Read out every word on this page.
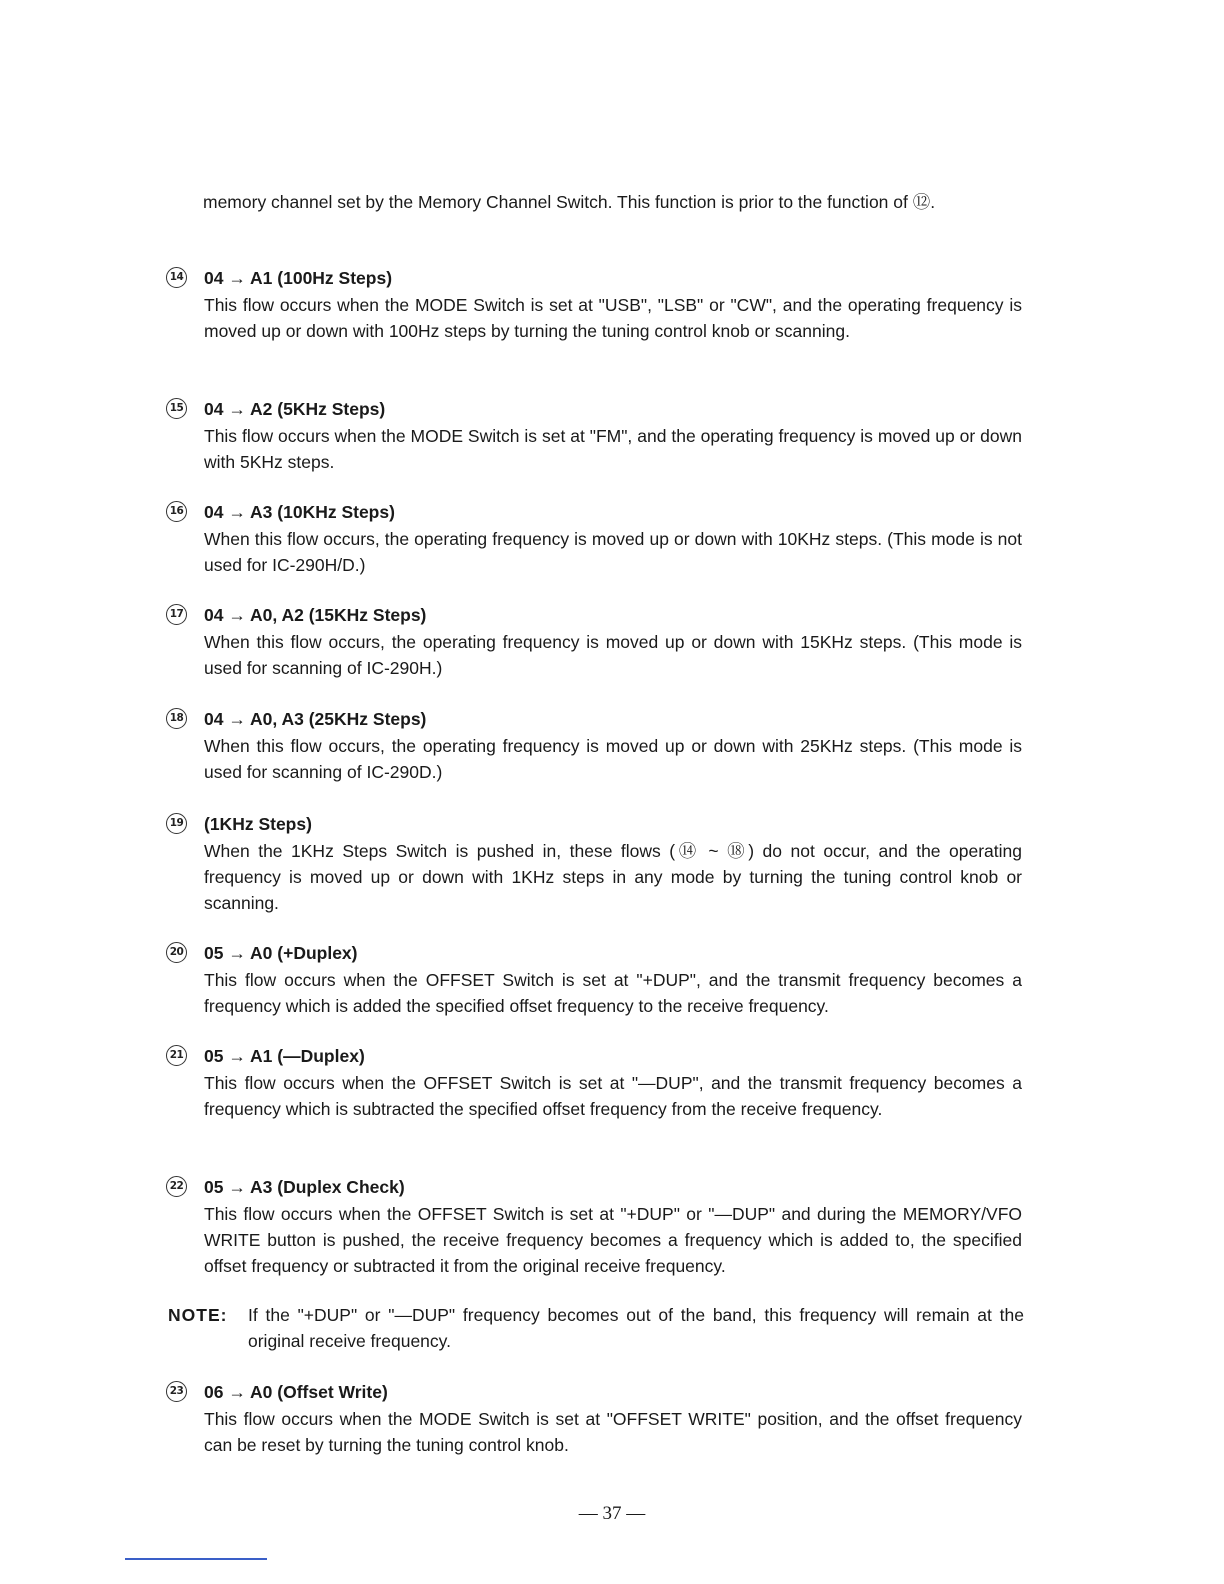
memory channel set by the Memory Channel Switch. This function is prior to the function of ⑫.
14 04 → A1 (100Hz Steps)
This flow occurs when the MODE Switch is set at "USB", "LSB" or "CW", and the operating frequency is moved up or down with 100Hz steps by turning the tuning control knob or scanning.
15 04 → A2 (5KHz Steps)
This flow occurs when the MODE Switch is set at "FM", and the operating frequency is moved up or down with 5KHz steps.
16 04 → A3 (10KHz Steps)
When this flow occurs, the operating frequency is moved up or down with 10KHz steps. (This mode is not used for IC-290H/D.)
17 04 → A0, A2 (15KHz Steps)
When this flow occurs, the operating frequency is moved up or down with 15KHz steps. (This mode is used for scanning of IC-290H.)
18 04 → A0, A3 (25KHz Steps)
When this flow occurs, the operating frequency is moved up or down with 25KHz steps. (This mode is used for scanning of IC-290D.)
19 (1KHz Steps)
When the 1KHz Steps Switch is pushed in, these flows (⑭ ~ ⑱) do not occur, and the operating frequency is moved up or down with 1KHz steps in any mode by turning the tuning control knob or scanning.
20 05 → A0 (+Duplex)
This flow occurs when the OFFSET Switch is set at "+DUP", and the transmit frequency becomes a frequency which is added the specified offset frequency to the receive frequency.
21 05 → A1 (—Duplex)
This flow occurs when the OFFSET Switch is set at "—DUP", and the transmit frequency becomes a frequency which is subtracted the specified offset frequency from the receive frequency.
22 05 → A3 (Duplex Check)
This flow occurs when the OFFSET Switch is set at "+DUP" or "—DUP" and during the MEMORY/VFO WRITE button is pushed, the receive frequency becomes a frequency which is added to, the specified offset frequency or subtracted it from the original receive frequency.
NOTE: If the "+DUP" or "—DUP" frequency becomes out of the band, this frequency will remain at the original receive frequency.
23 06 → A0 (Offset Write)
This flow occurs when the MODE Switch is set at "OFFSET WRITE" position, and the offset frequency can be reset by turning the tuning control knob.
— 37 —
